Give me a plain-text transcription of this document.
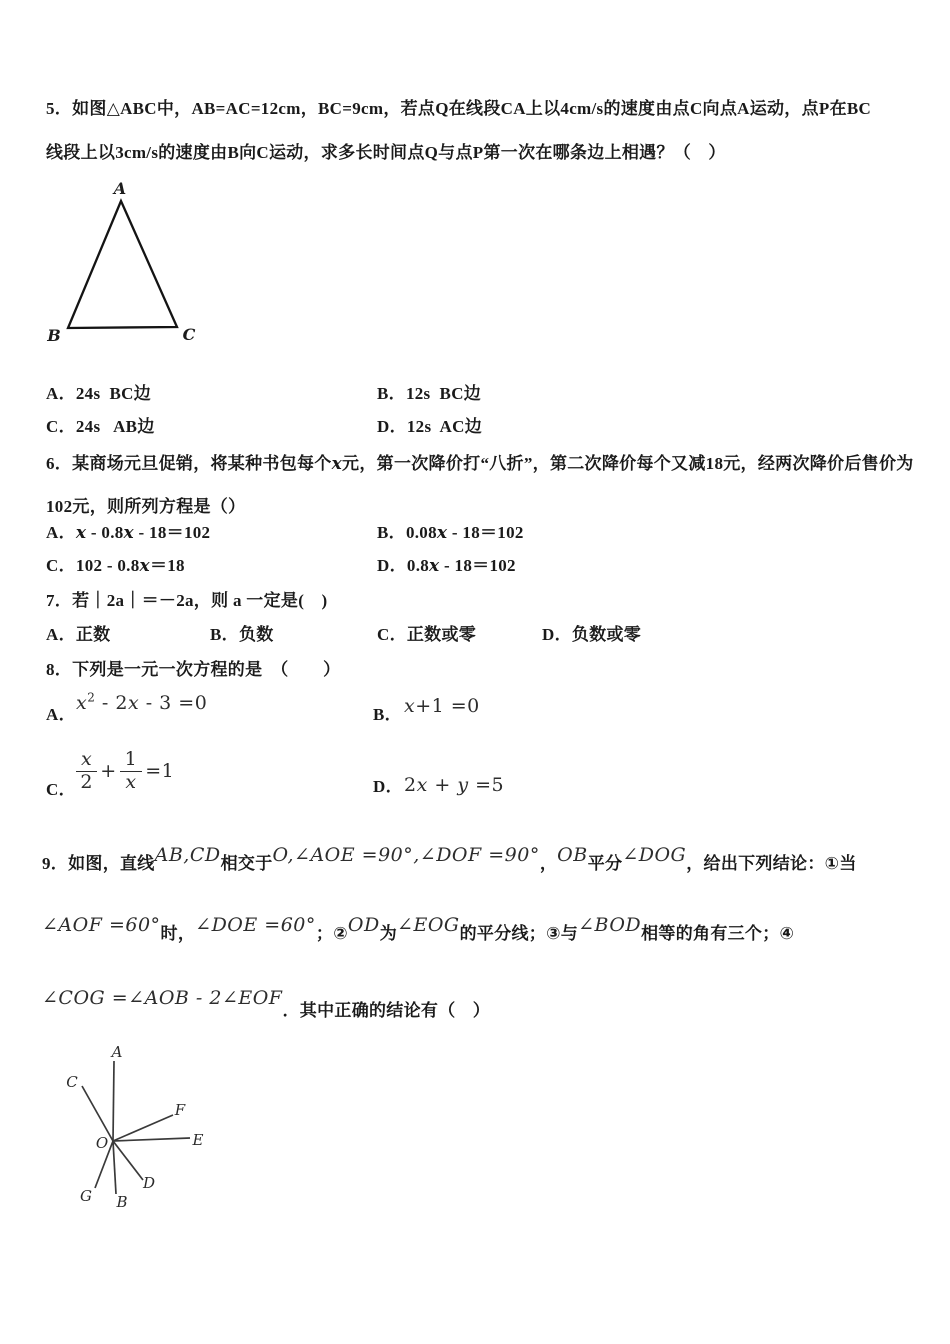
5．如图△ABC中，AB=AC=12cm，BC=9cm，若点Q在线段CA上以4cm/s的速度由点C向点A运动，点P在BC
线段上以3cm/s的速度由B向C运动，求多长时间点Q与点P第一次在哪条边上相遇？（　）
A
B	C
A．24s  BC边	B．12s  BC边
C．24s   AB边	D．12s  AC边
6．某商场元旦促销，将某种书包每个x元，第一次降价打“八折”，第二次降价每个又减18元，经两次降价后售价为
102元，则所列方程是（）
A．x - 0.8x - 18＝102	B．0.08x - 18＝102
C．102 - 0.8x＝18	D．0.8x - 18＝102
7．若｜2a｜＝－2a，则 a 一定是(　)
A．正数	B．负数	C．正数或零	D．负数或零
8．下列是一元一次方程的是　（　　）
A．
$x^2 - 2x - 3 =0$
B． x+1 =0
C． $\frac{x}{2} + \frac{1}{x} =1$
D． 2x + y =5
9．如图，直线AB,CD相交于O,∠AOE =90°,∠DOF =90°，OB平分∠DOG，给出下列结论：①当
∠AOF =60°时，∠DOE =60°；②OD为∠EOG的平分线；③与∠BOD相等的角有三个；④
∠COG =∠AOB - 2∠EOF．其中正确的结论有（　）
A
C
F
E
O
D
G B
